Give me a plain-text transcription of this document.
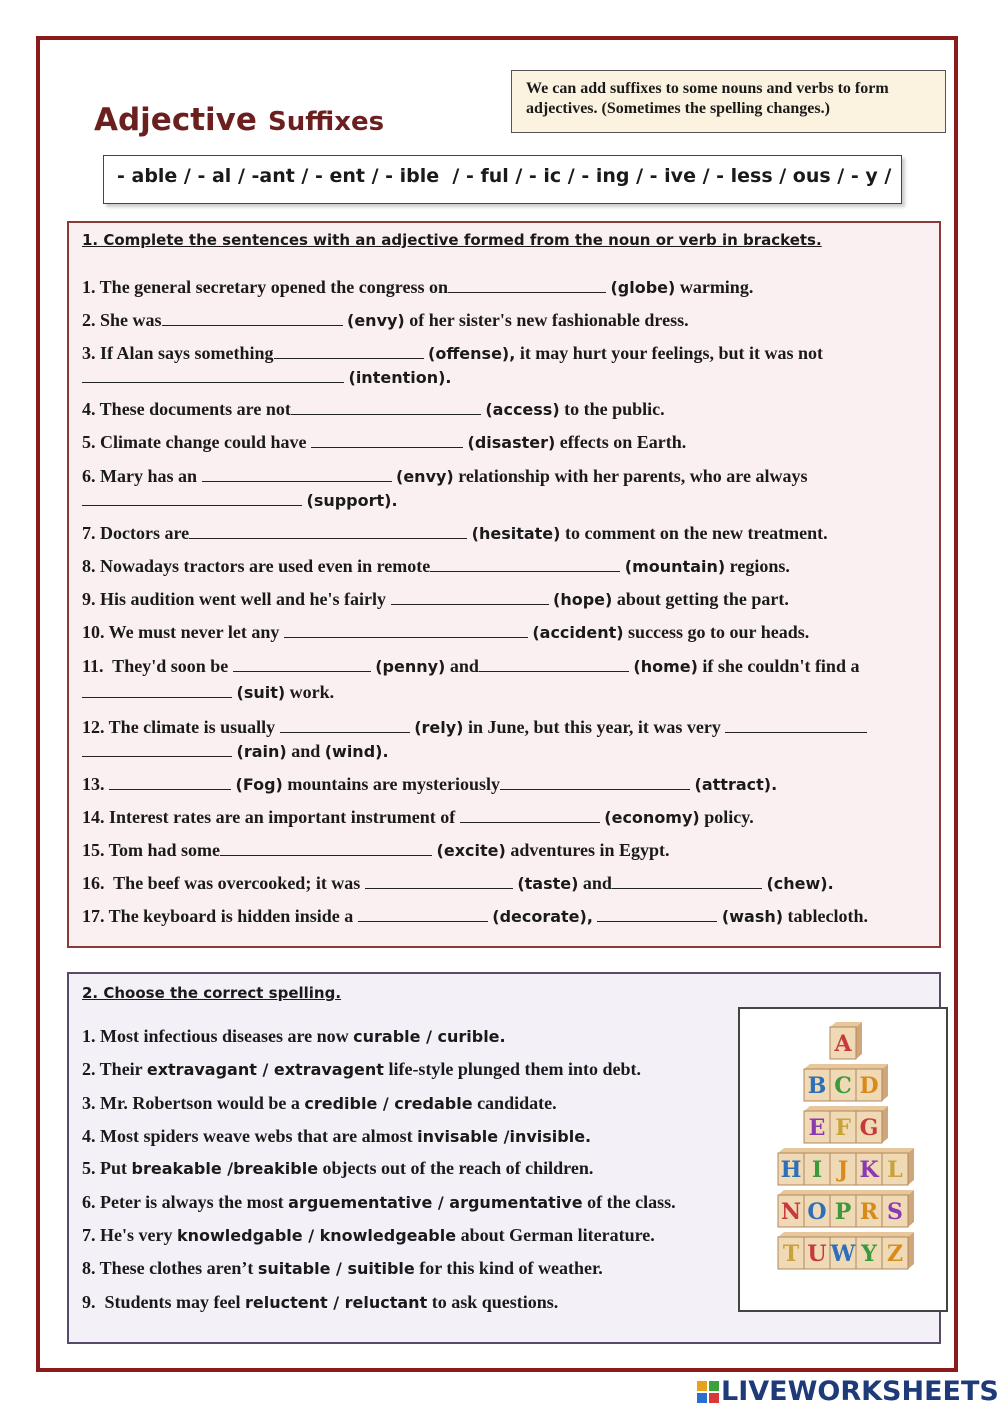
Adjective Suffixes
We can add suffixes to some nouns and verbs to form adjectives. (Sometimes the spelling changes.)
- able / - al / -ant / - ent / - ible  / - ful / - ic / - ing / - ive / - less / ous / - y /

1. Complete the sentences with an adjective formed from the noun or verb in brackets.

1. The general secretary opened the congress on	(globe) warming.

2. She was	(envy) of her sister's new fashionable dress.

3. If Alan says something	(offense), it may hurt your feelings, but it was not

(intention).

4. These documents are not	(access) to the public.

5. Climate change could have	(disaster) effects on Earth.

6. Mary has an	(envy) relationship with her parents, who are always

(support).

7. Doctors are	(hesitate) to comment on the new treatment.

8. Nowadays tractors are used even in remote	(mountain) regions.

9. His audition went well and he's fairly	(hope) about getting the part.

10. We must never let any	(accident) success go to our heads.

11.  They'd soon be	(penny) and	(home) if she couldn't find a

(suit) work.

12. The climate is usually	(rely) in June, but this year, it was very

(rain) and (wind).

13.	(Fog) mountains are mysteriously	(attract).

14. Interest rates are an important instrument of	(economy) policy.

15. Tom had some	(excite) adventures in Egypt.

16.  The beef was overcooked; it was	(taste) and	(chew).

17. The keyboard is hidden inside a	(decorate),	(wash) tablecloth.

2. Choose the correct spelling.

1. Most infectious diseases are now curable / curible.

2. Their extravagant / extravagent life-style plunged them into debt.

3. Mr. Robertson would be a credible / credable candidate.

4. Most spiders weave webs that are almost invisable /invisible.

5. Put breakable /breakible objects out of the reach of children.

6. Peter is always the most arguementative / argumentative of the class.

7. He's very knowledgable / knowledgeable about German literature.

8. These clothes aren’t suitable / suitible for this kind of weather.

9.  Students may feel reluctent / reluctant to ask questions.

A
B C D
E F G
H I J K L
N O P R S
T U W Y Z
LIVEWORKSHEETS
